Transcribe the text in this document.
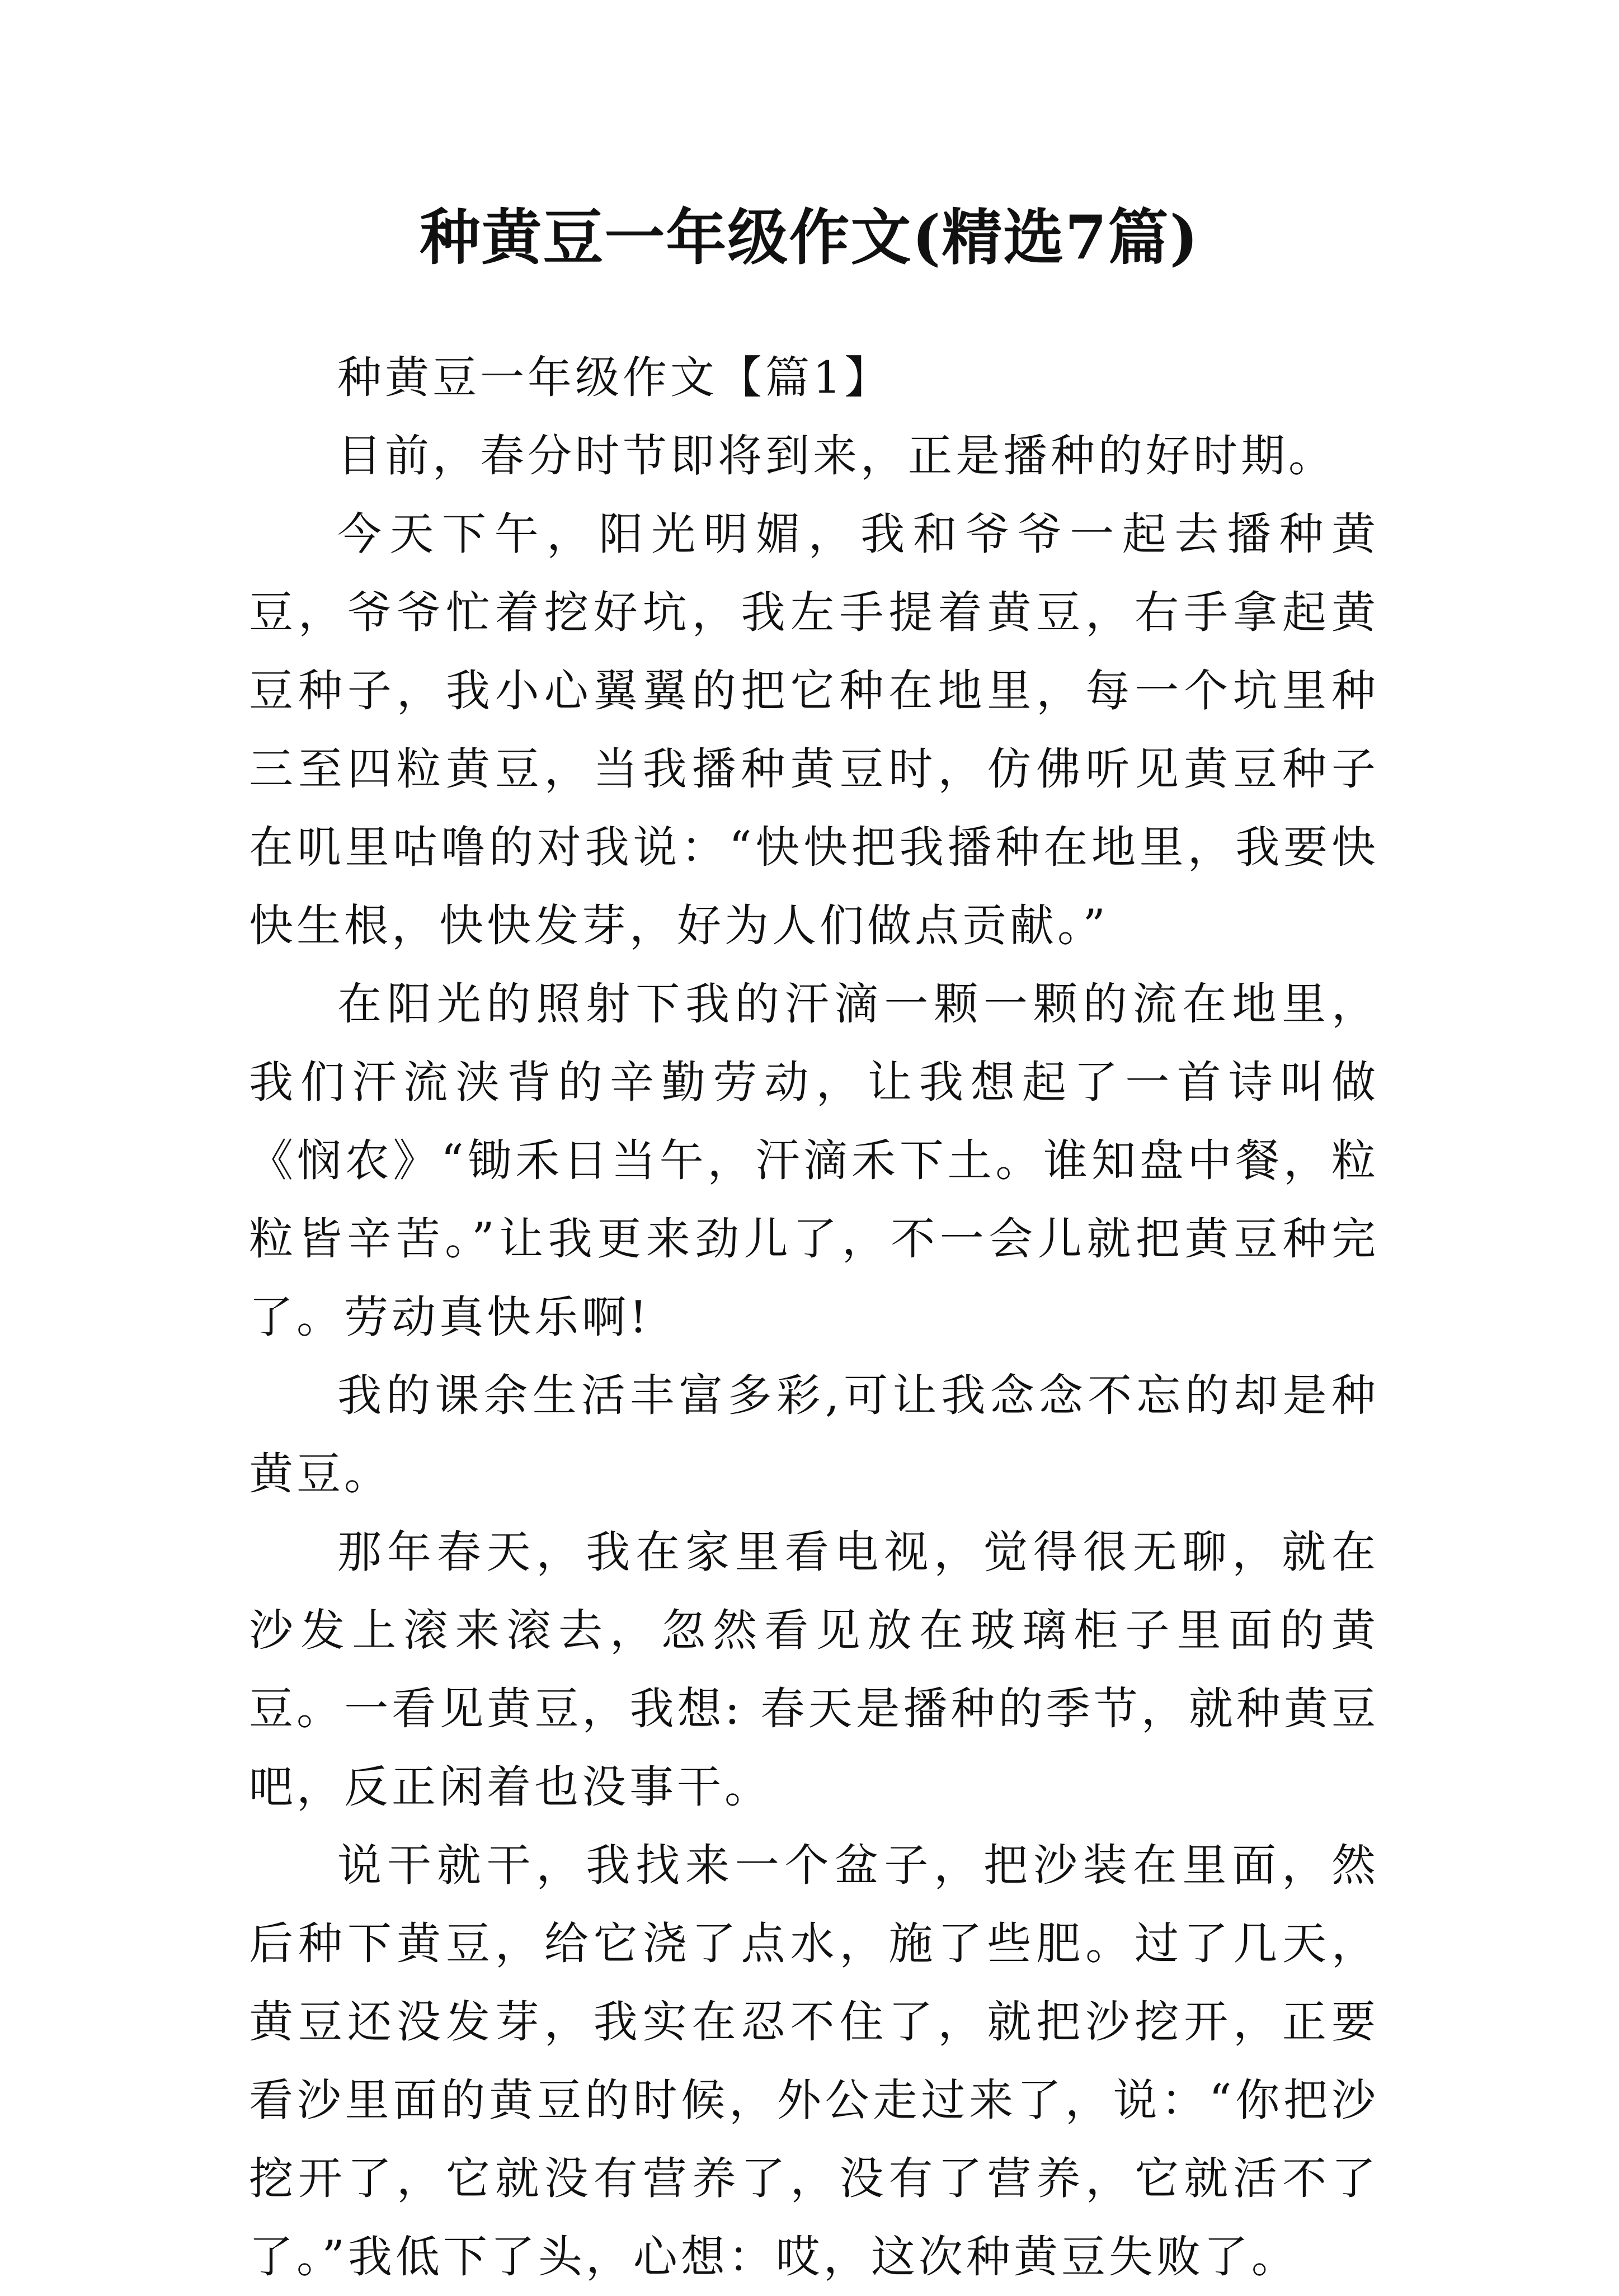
种黄豆一年级作文(精选7篇)

种黄豆一年级作文【篇1】

目前，春分时节即将到来，正是播种的好时期。

今天下午，阳光明媚，我和爷爷一起去播种黄豆，爷爷忙着挖好坑，我左手提着黄豆，右手拿起黄豆种子，我小心翼翼的把它种在地里，每一个坑里种三至四粒黄豆，当我播种黄豆时，仿佛听见黄豆种子在叽里咕噜的对我说：“快快把我播种在地里，我要快快生根，快快发芽，好为人们做点贡献。”

在阳光的照射下我的汗滴一颗一颗的流在地里，我们汗流浃背的辛勤劳动，让我想起了一首诗叫做《悯农》“锄禾日当午，汗滴禾下土。谁知盘中餐，粒粒皆辛苦。”让我更来劲儿了，不一会儿就把黄豆种完了。劳动真快乐啊!

我的课余生活丰富多彩,可让我念念不忘的却是种黄豆。

那年春天，我在家里看电视，觉得很无聊，就在沙发上滚来滚去，忽然看见放在玻璃柜子里面的黄豆。一看见黄豆，我想: 春天是播种的季节，就种黄豆吧，反正闲着也没事干。

说干就干，我找来一个盆子，把沙装在里面，然后种下黄豆，给它浇了点水，施了些肥。过了几天，黄豆还没发芽，我实在忍不住了，就把沙挖开，正要看沙里面的黄豆的时候，外公走过来了，说：“你把沙挖开了，它就没有营养了，没有了营养，它就活不了了。”我低下了头，心想：哎，这次种黄豆失败了。
